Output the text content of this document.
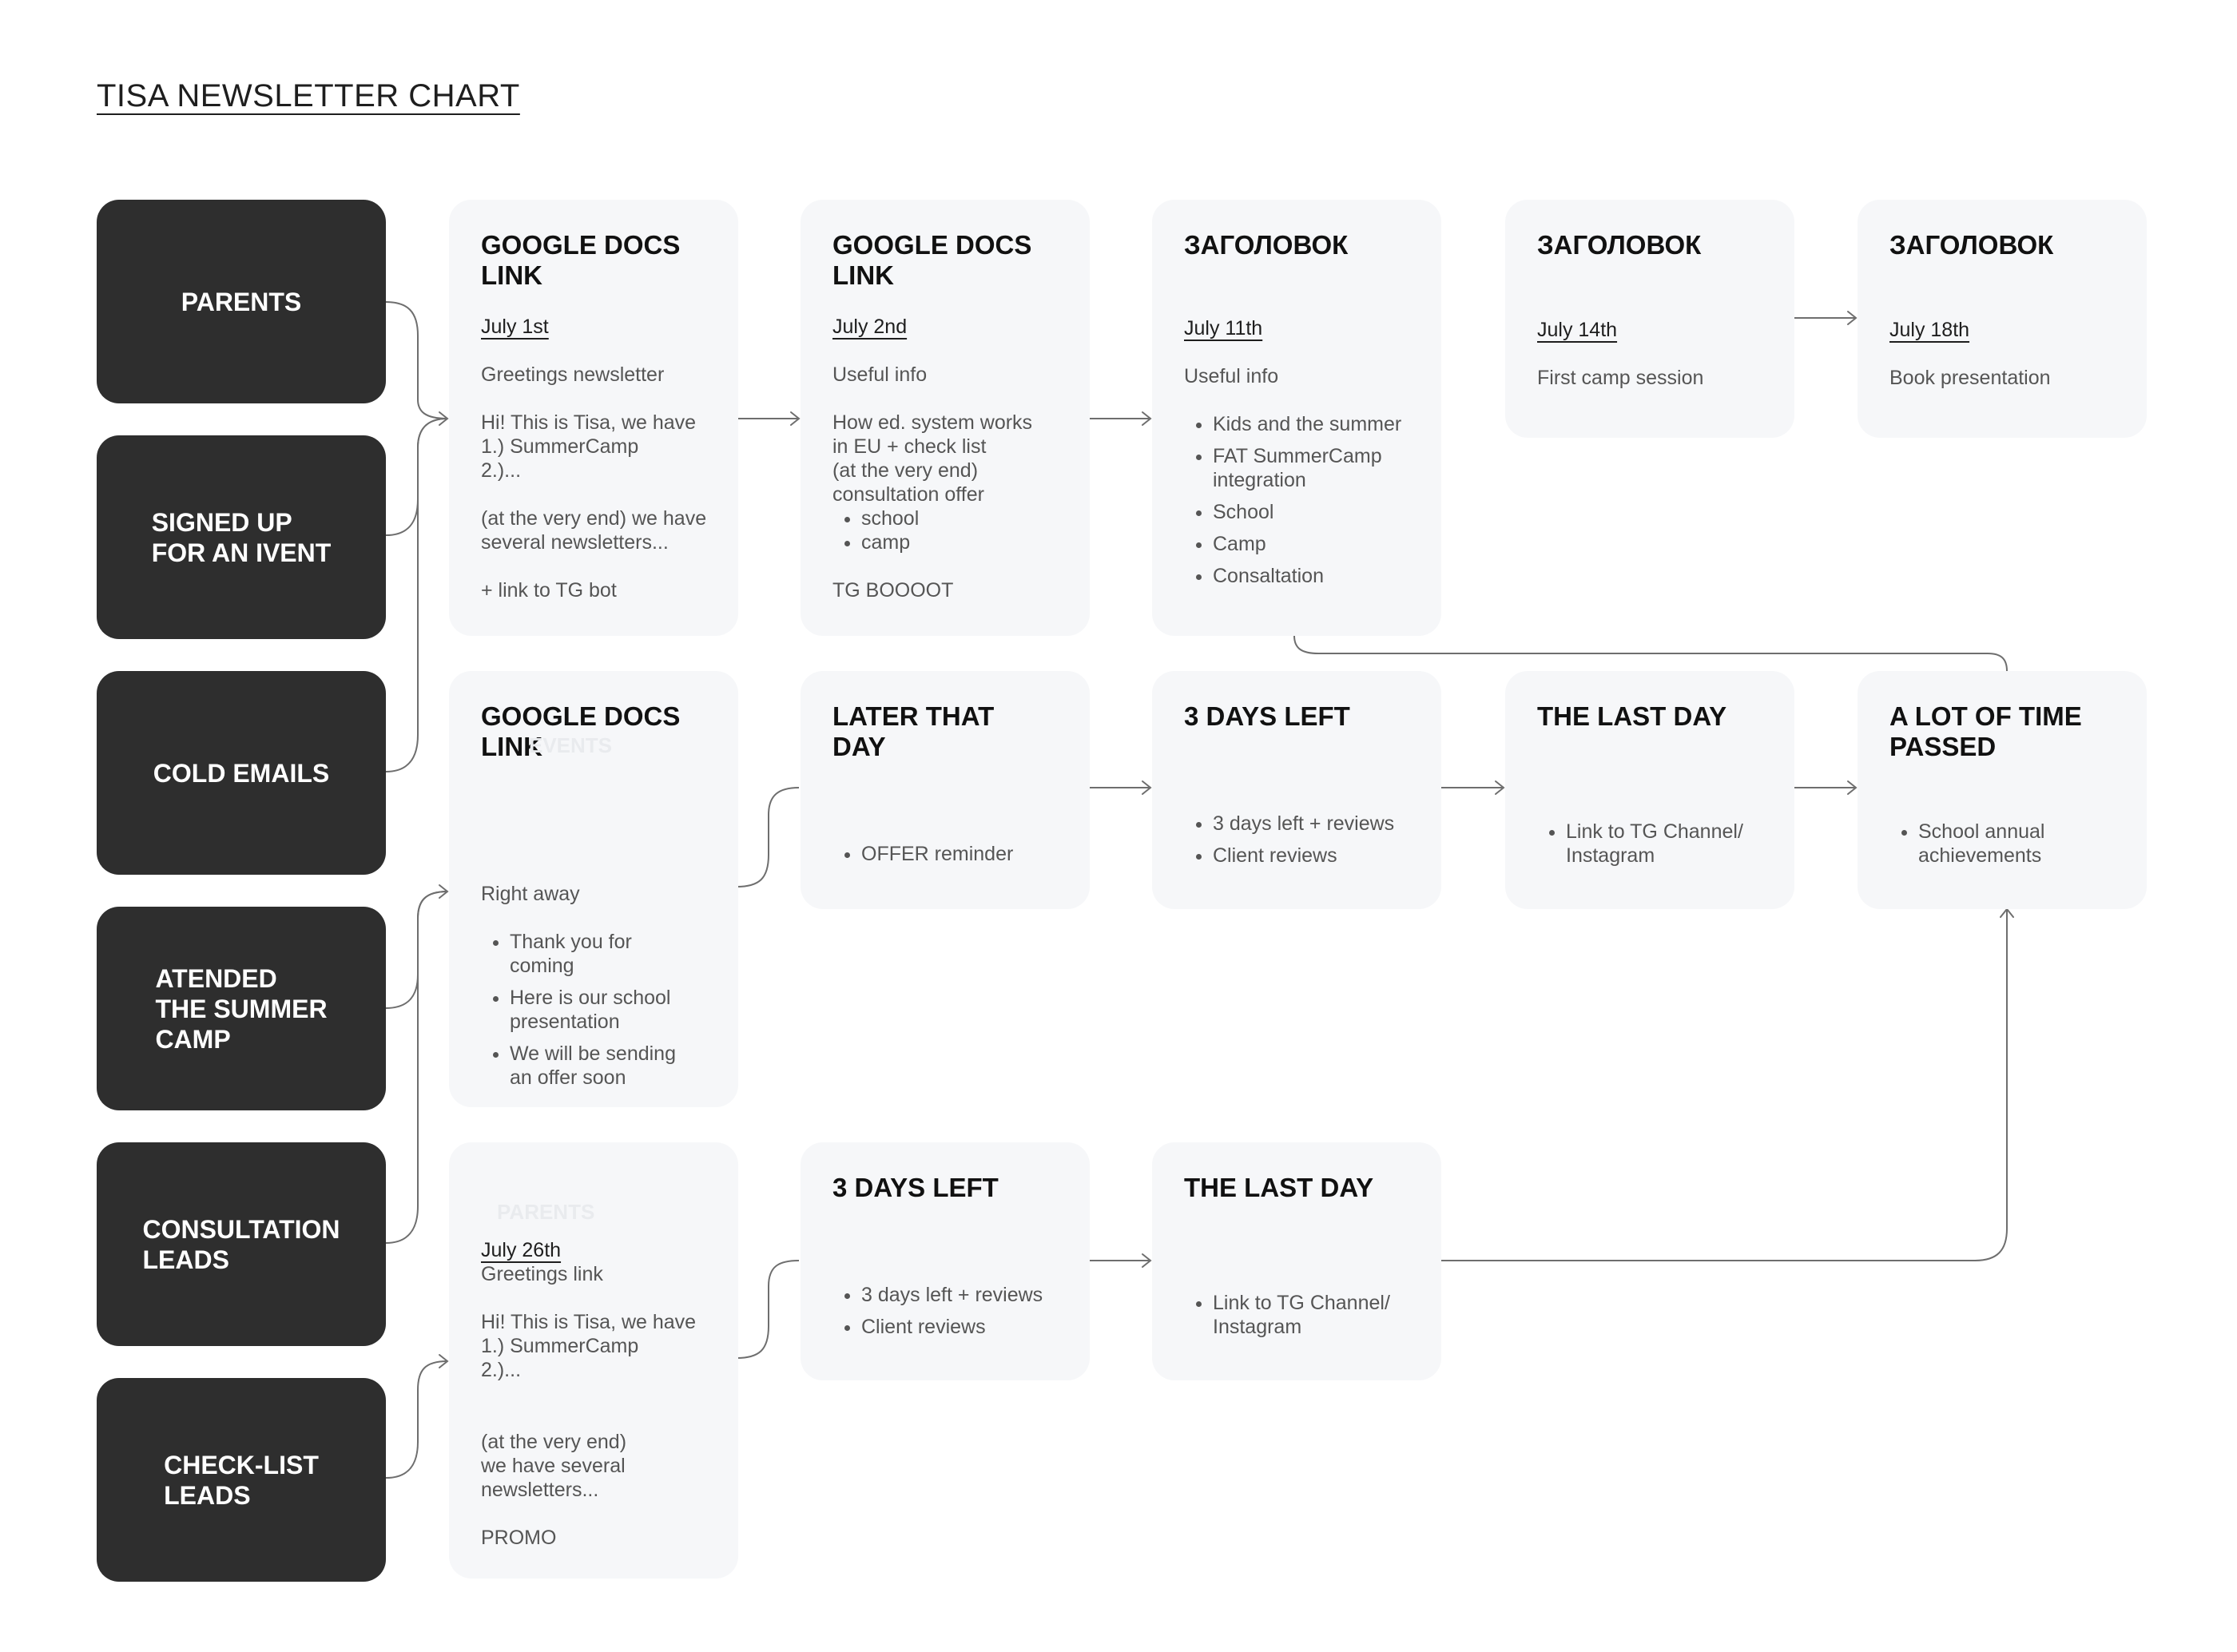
TISA NEWSLETTER CHART
PARENTS
SIGNED UP
FOR AN IVENT
COLD EMAILS
ATENDED
THE SUMMER
CAMP
CONSULTATION
LEADS
CHECK-LIST
LEADS
GOOGLE DOCS
LINK
July 1st

Greetings newsletter

Hi! This is Tisa, we have
1.) SummerCamp
2.)...

(at the very end) we have
several newsletters...

+ link to TG bot

GOOGLE DOCS
LINK
July 2nd

Useful info

How ed. system works
in EU + check list
(at the very end)
consultation offer

• school
• camp

TG BOOOOT

ЗАГОЛОВОК
July 11th

Useful info

• Kids and the summer
• FAT SummerCamp
integration
• School
• Camp
• Consaltation
ЗАГОЛОВОК
July 14th

First camp session

ЗАГОЛОВОК
July 18th

Book presentation

GOOGLE DOCS
LINK
EVENTS

Right away

• Thank you for
coming
• Here is our school
presentation
• We will be sending
an offer soon
LATER THAT
DAY
• OFFER reminder
3 DAYS LEFT
• 3 days left + reviews
• Client reviews
THE LAST DAY
• Link to TG Channel/
Instagram
A LOT OF TIME
PASSED
• School annual
achievements
PARENTS
July 26th

Greetings link

Hi! This is Tisa, we have
1.) SummerCamp
2.)...

(at the very end)
we have several
newsletters...

PROMO

3 DAYS LEFT
• 3 days left + reviews
• Client reviews
THE LAST DAY
• Link to TG Channel/
Instagram
